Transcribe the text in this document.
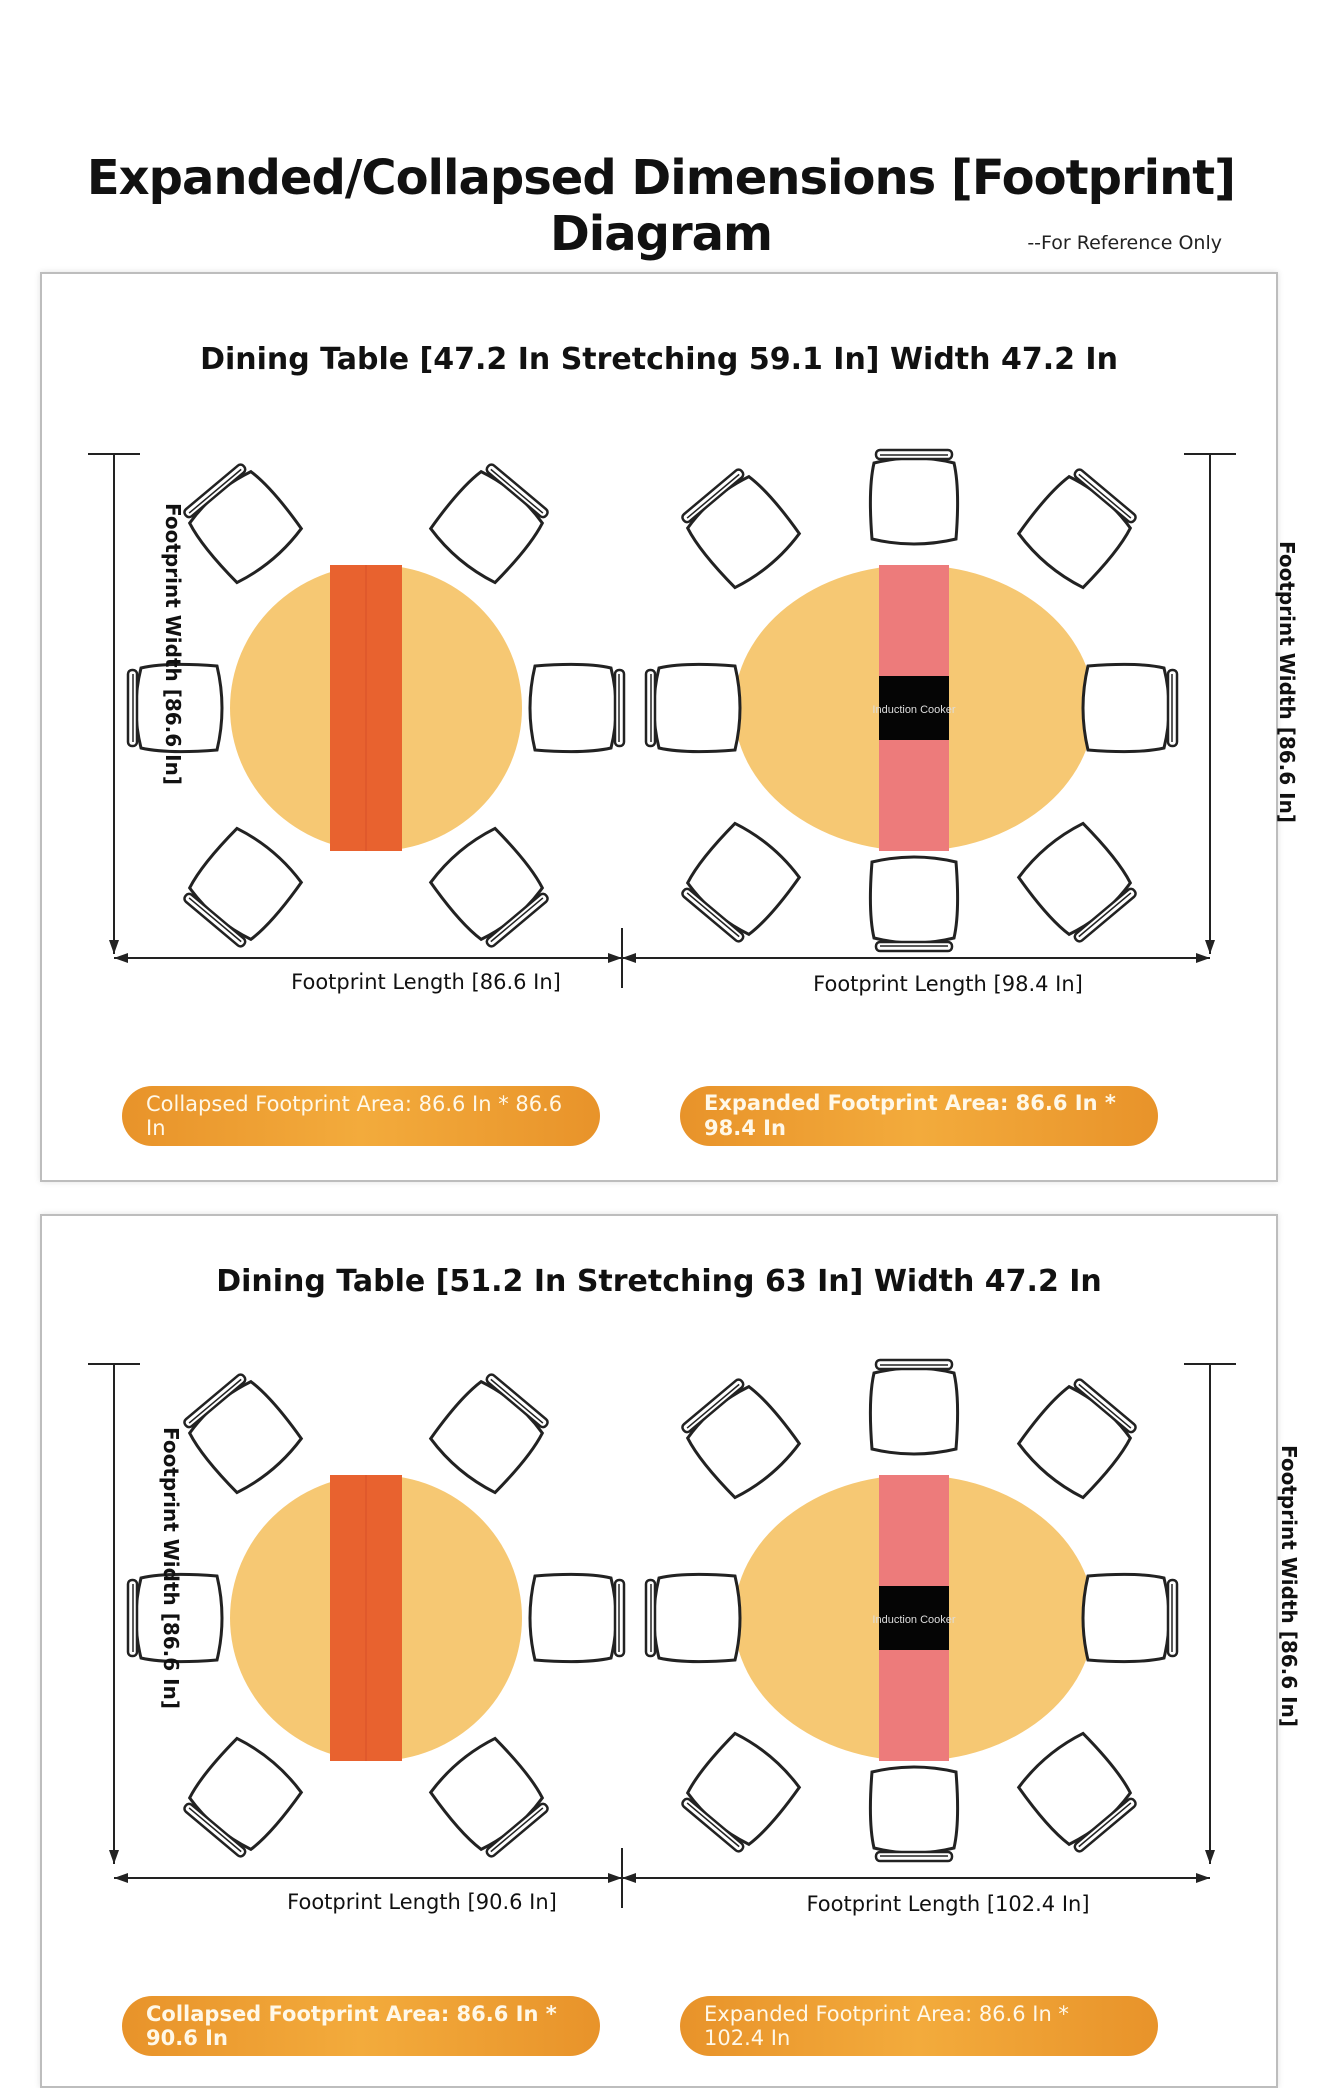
Expanded/Collapsed Dimensions [Footprint] Diagram	--For Reference Only
Dining Table [47.2 In Stretching 59.1 In] Width 47.2 In
Induction Cooker
Footprint Length [86.6 In]	Footprint Length [98.4 In]
Footprint Width [86.6 In]	Footprint Width [86.6 In]
Collapsed Footprint Area: 86.6 In * 86.6 In
Expanded Footprint Area: 86.6 In * 98.4 In
Dining Table [51.2 In Stretching 63 In] Width 47.2 In
Induction Cooker
Footprint Length [90.6 In]	Footprint Length [102.4 In]
Footprint Width [86.6 In]	Footprint Width [86.6 In]
Collapsed Footprint Area: 86.6 In * 90.6 In
Expanded Footprint Area: 86.6 In * 102.4 In
